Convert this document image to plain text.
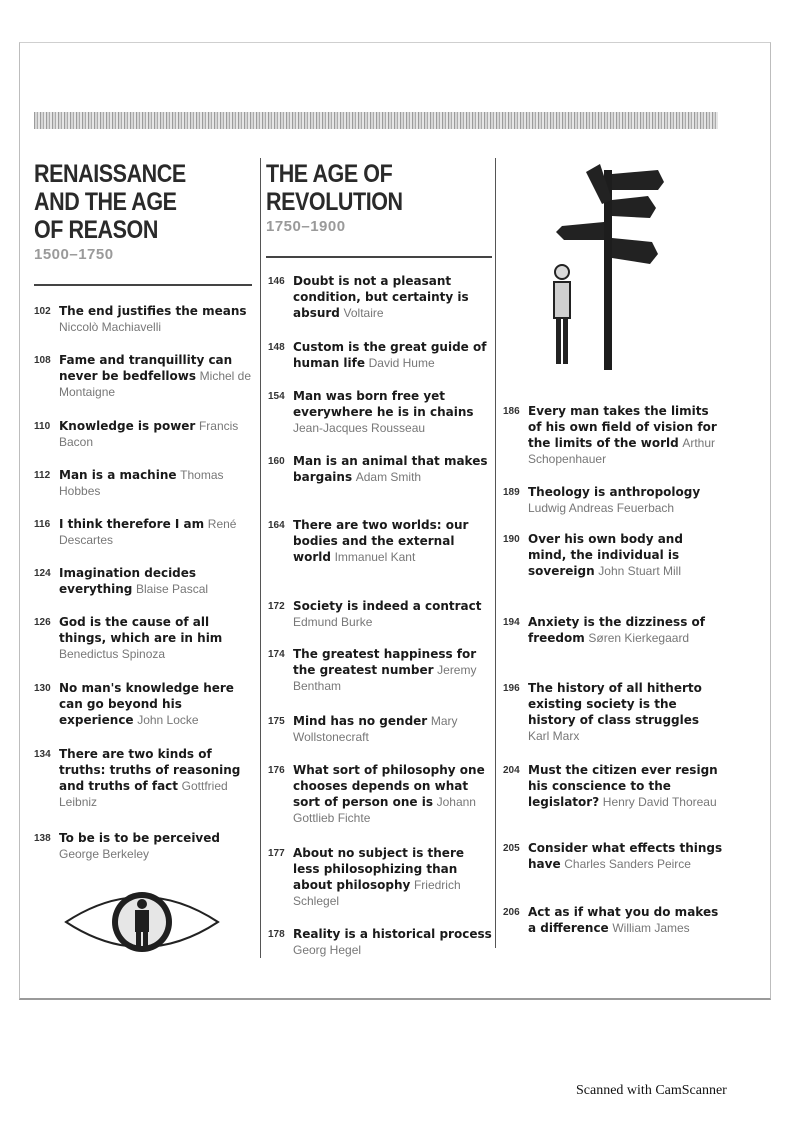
RENAISSANCE
AND THE AGE
OF REASON
1500–1750
THE AGE OF
REVOLUTION
1750–1900
102 The end justifies the means Niccolò Machiavelli
108 Fame and tranquillity can never be bedfellows Michel de Montaigne
110 Knowledge is power Francis Bacon
112 Man is a machine Thomas Hobbes
116 I think therefore I am René Descartes
124 Imagination decides everything Blaise Pascal
126 God is the cause of all things, which are in him Benedictus Spinoza
130 No man's knowledge here can go beyond his experience John Locke
134 There are two kinds of truths: truths of reasoning and truths of fact Gottfried Leibniz
138 To be is to be perceived George Berkeley
146 Doubt is not a pleasant condition, but certainty is absurd Voltaire
148 Custom is the great guide of human life David Hume
154 Man was born free yet everywhere he is in chains Jean-Jacques Rousseau
160 Man is an animal that makes bargains Adam Smith
164 There are two worlds: our bodies and the external world Immanuel Kant
172 Society is indeed a contract Edmund Burke
174 The greatest happiness for the greatest number Jeremy Bentham
175 Mind has no gender Mary Wollstonecraft
176 What sort of philosophy one chooses depends on what sort of person one is Johann Gottlieb Fichte
177 About no subject is there less philosophizing than about philosophy Friedrich Schlegel
178 Reality is a historical process Georg Hegel
186 Every man takes the limits of his own field of vision for the limits of the world Arthur Schopenhauer
189 Theology is anthropology Ludwig Andreas Feuerbach
190 Over his own body and mind, the individual is sovereign John Stuart Mill
194 Anxiety is the dizziness of freedom Søren Kierkegaard
196 The history of all hitherto existing society is the history of class struggles Karl Marx
204 Must the citizen ever resign his conscience to the legislator? Henry David Thoreau
205 Consider what effects things have Charles Sanders Peirce
206 Act as if what you do makes a difference William James
Scanned with CamScanner
